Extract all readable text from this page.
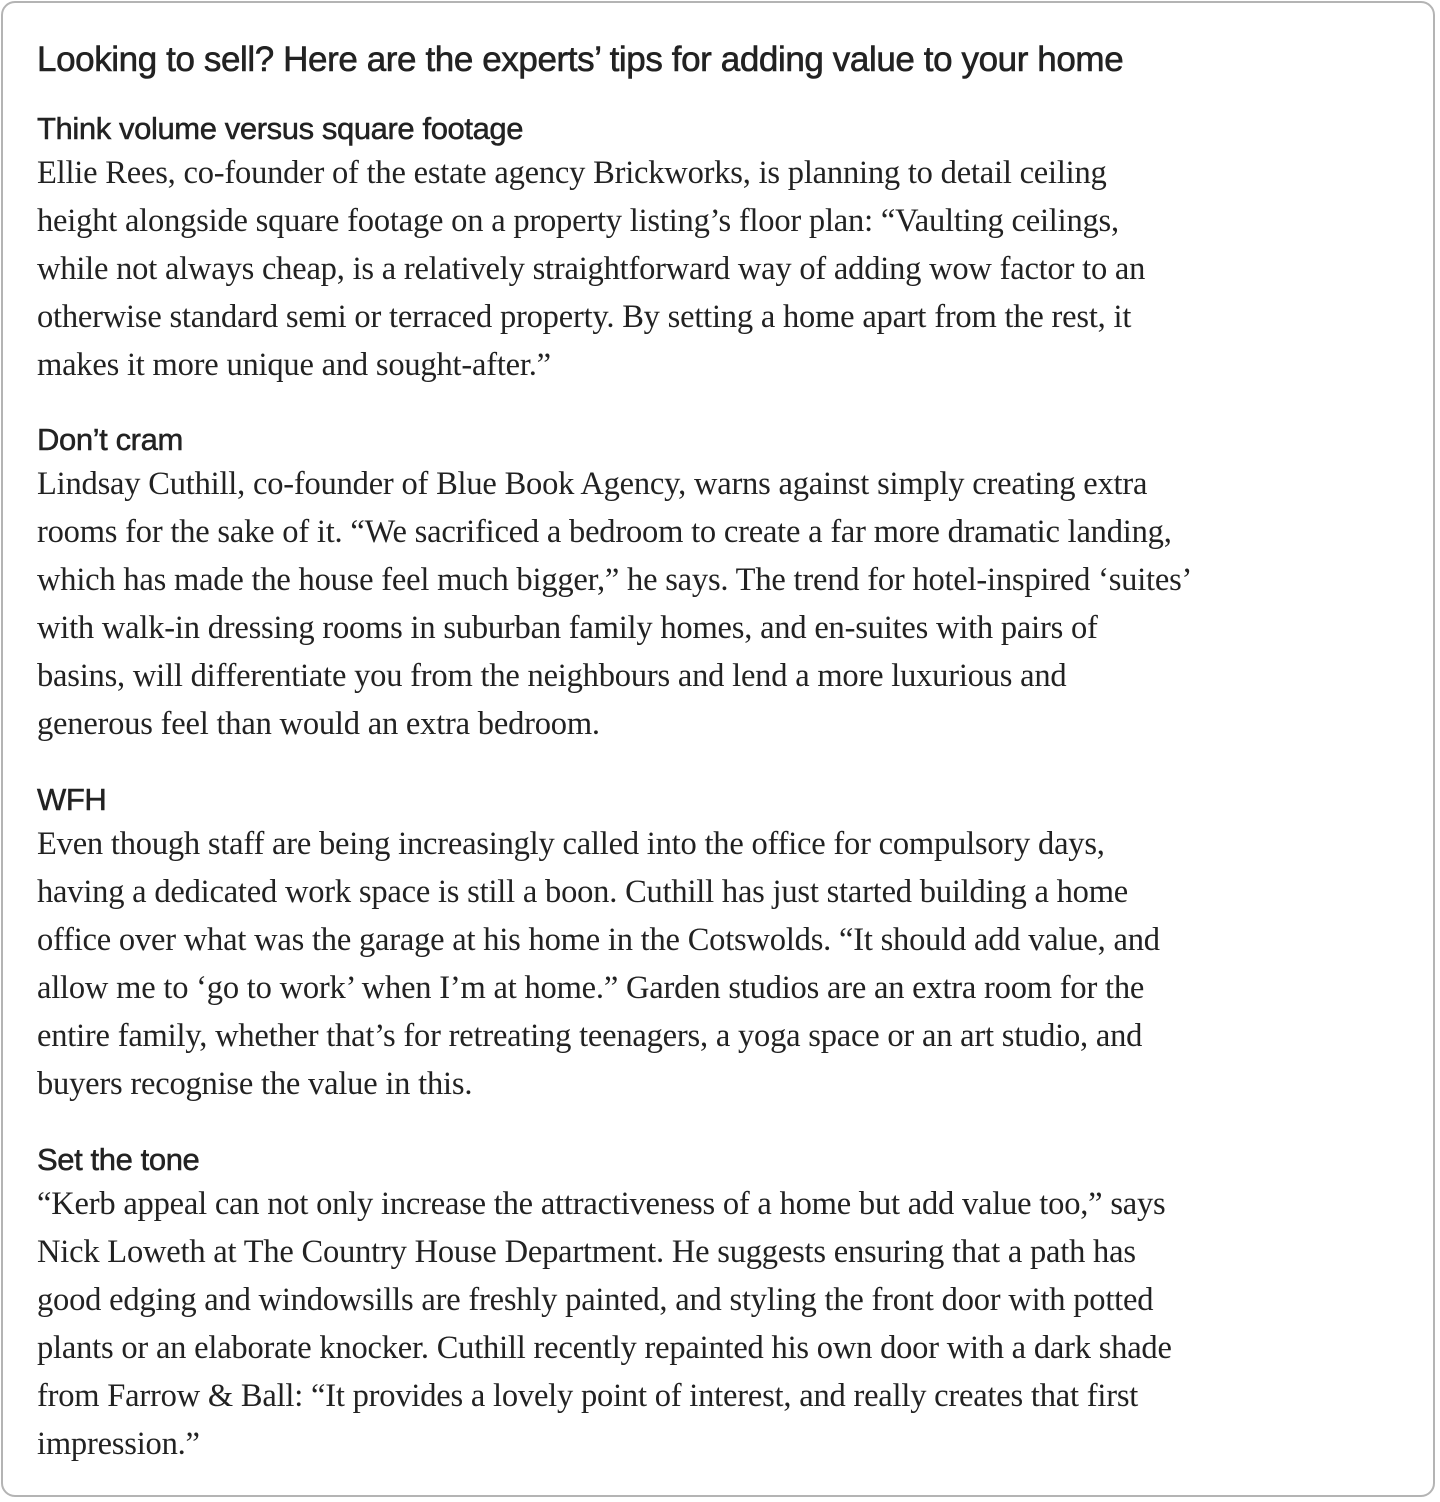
Looking to sell? Here are the experts’ tips for adding value to your home
Think volume versus square footage

Ellie Rees, co-founder of the estate agency Brickworks, is planning to detail ceiling
height alongside square footage on a property listing’s floor plan: “Vaulting ceilings,
while not always cheap, is a relatively straightforward way of adding wow factor to an
otherwise standard semi or terraced property. By setting a home apart from the rest, it
makes it more unique and sought-after.”

Don’t cram

Lindsay Cuthill, co-founder of Blue Book Agency, warns against simply creating extra
rooms for the sake of it. “We sacrificed a bedroom to create a far more dramatic landing,
which has made the house feel much bigger,” he says. The trend for hotel-inspired ‘suites’
with walk-in dressing rooms in suburban family homes, and en-suites with pairs of
basins, will differentiate you from the neighbours and lend a more luxurious and
generous feel than would an extra bedroom.

WFH

Even though staff are being increasingly called into the office for compulsory days,
having a dedicated work space is still a boon. Cuthill has just started building a home
office over what was the garage at his home in the Cotswolds. “It should add value, and
allow me to ‘go to work’ when I’m at home.” Garden studios are an extra room for the
entire family, whether that’s for retreating teenagers, a yoga space or an art studio, and
buyers recognise the value in this.

Set the tone

“Kerb appeal can not only increase the attractiveness of a home but add value too,” says
Nick Loweth at The Country House Department. He suggests ensuring that a path has
good edging and windowsills are freshly painted, and styling the front door with potted
plants or an elaborate knocker. Cuthill recently repainted his own door with a dark shade
from Farrow & Ball: “It provides a lovely point of interest, and really creates that first
impression.”
